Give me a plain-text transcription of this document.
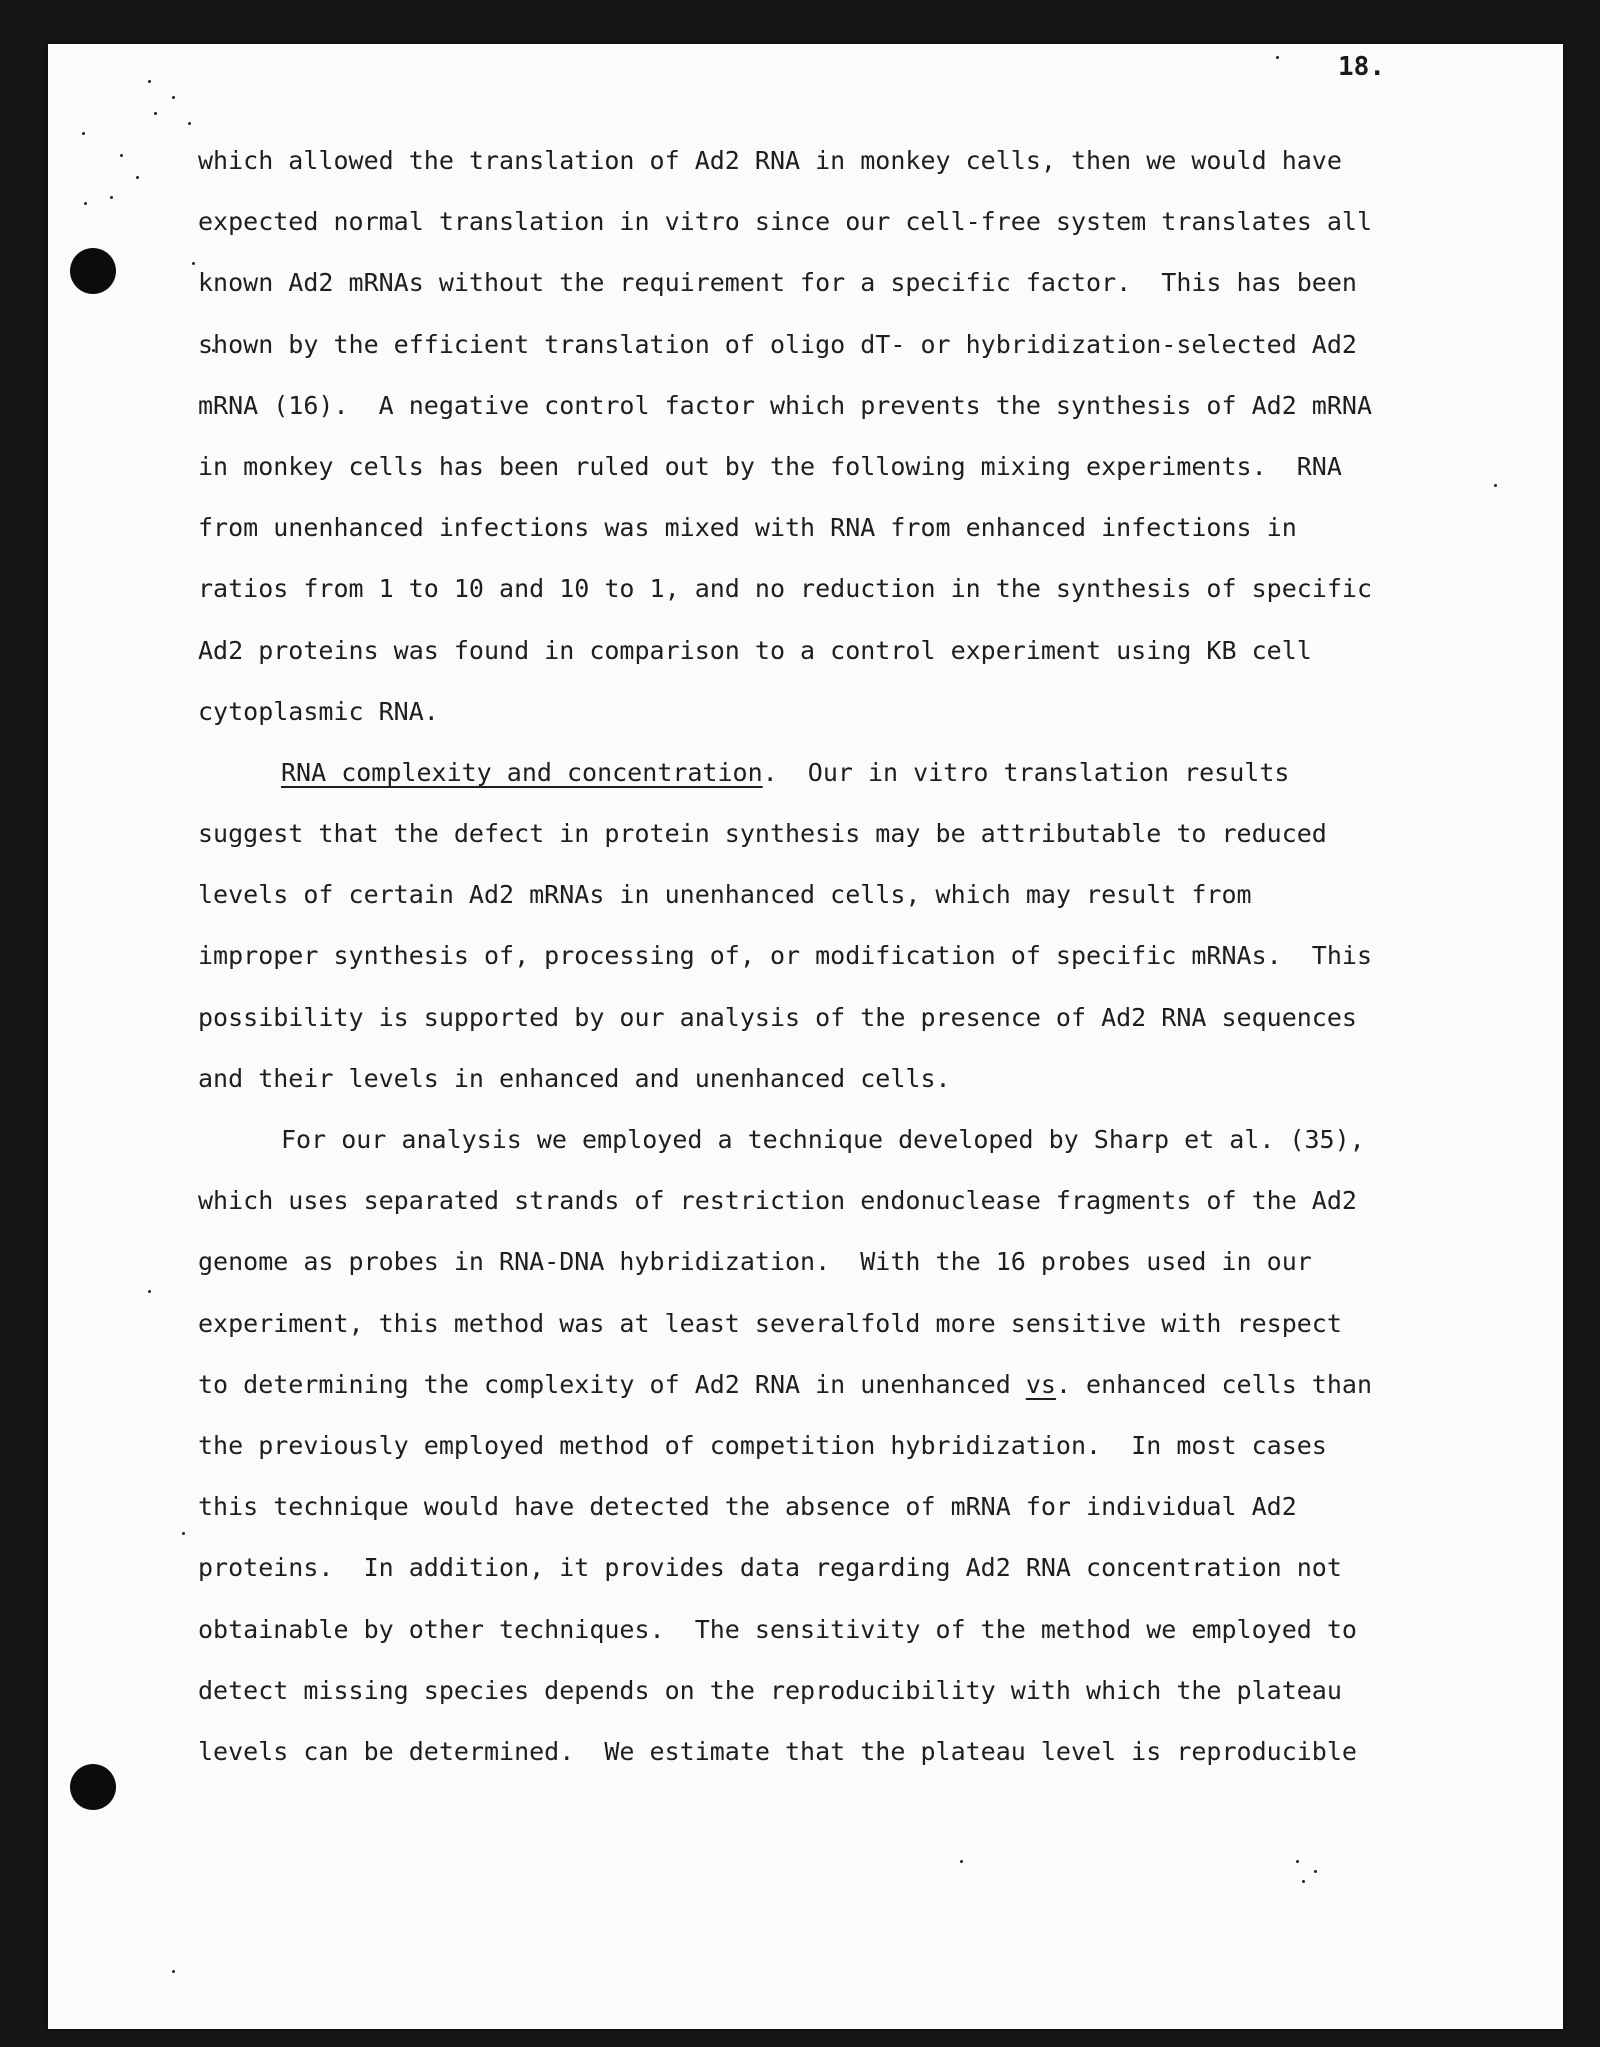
18.
which allowed the translation of Ad2 RNA in monkey cells, then we would have
expected normal translation in vitro since our cell-free system translates all
known Ad2 mRNAs without the requirement for a specific factor.  This has been
shown by the efficient translation of oligo dT- or hybridization-selected Ad2
mRNA (16).  A negative control factor which prevents the synthesis of Ad2 mRNA
in monkey cells has been ruled out by the following mixing experiments.  RNA
from unenhanced infections was mixed with RNA from enhanced infections in
ratios from 1 to 10 and 10 to 1, and no reduction in the synthesis of specific
Ad2 proteins was found in comparison to a control experiment using KB cell
cytoplasmic RNA.
RNA complexity and concentration.  Our in vitro translation results
suggest that the defect in protein synthesis may be attributable to reduced
levels of certain Ad2 mRNAs in unenhanced cells, which may result from
improper synthesis of, processing of, or modification of specific mRNAs.  This
possibility is supported by our analysis of the presence of Ad2 RNA sequences
and their levels in enhanced and unenhanced cells.
For our analysis we employed a technique developed by Sharp et al. (35),
which uses separated strands of restriction endonuclease fragments of the Ad2
genome as probes in RNA-DNA hybridization.  With the 16 probes used in our
experiment, this method was at least severalfold more sensitive with respect
to determining the complexity of Ad2 RNA in unenhanced vs. enhanced cells than
the previously employed method of competition hybridization.  In most cases
this technique would have detected the absence of mRNA for individual Ad2
proteins.  In addition, it provides data regarding Ad2 RNA concentration not
obtainable by other techniques.  The sensitivity of the method we employed to
detect missing species depends on the reproducibility with which the plateau
levels can be determined.  We estimate that the plateau level is reproducible
